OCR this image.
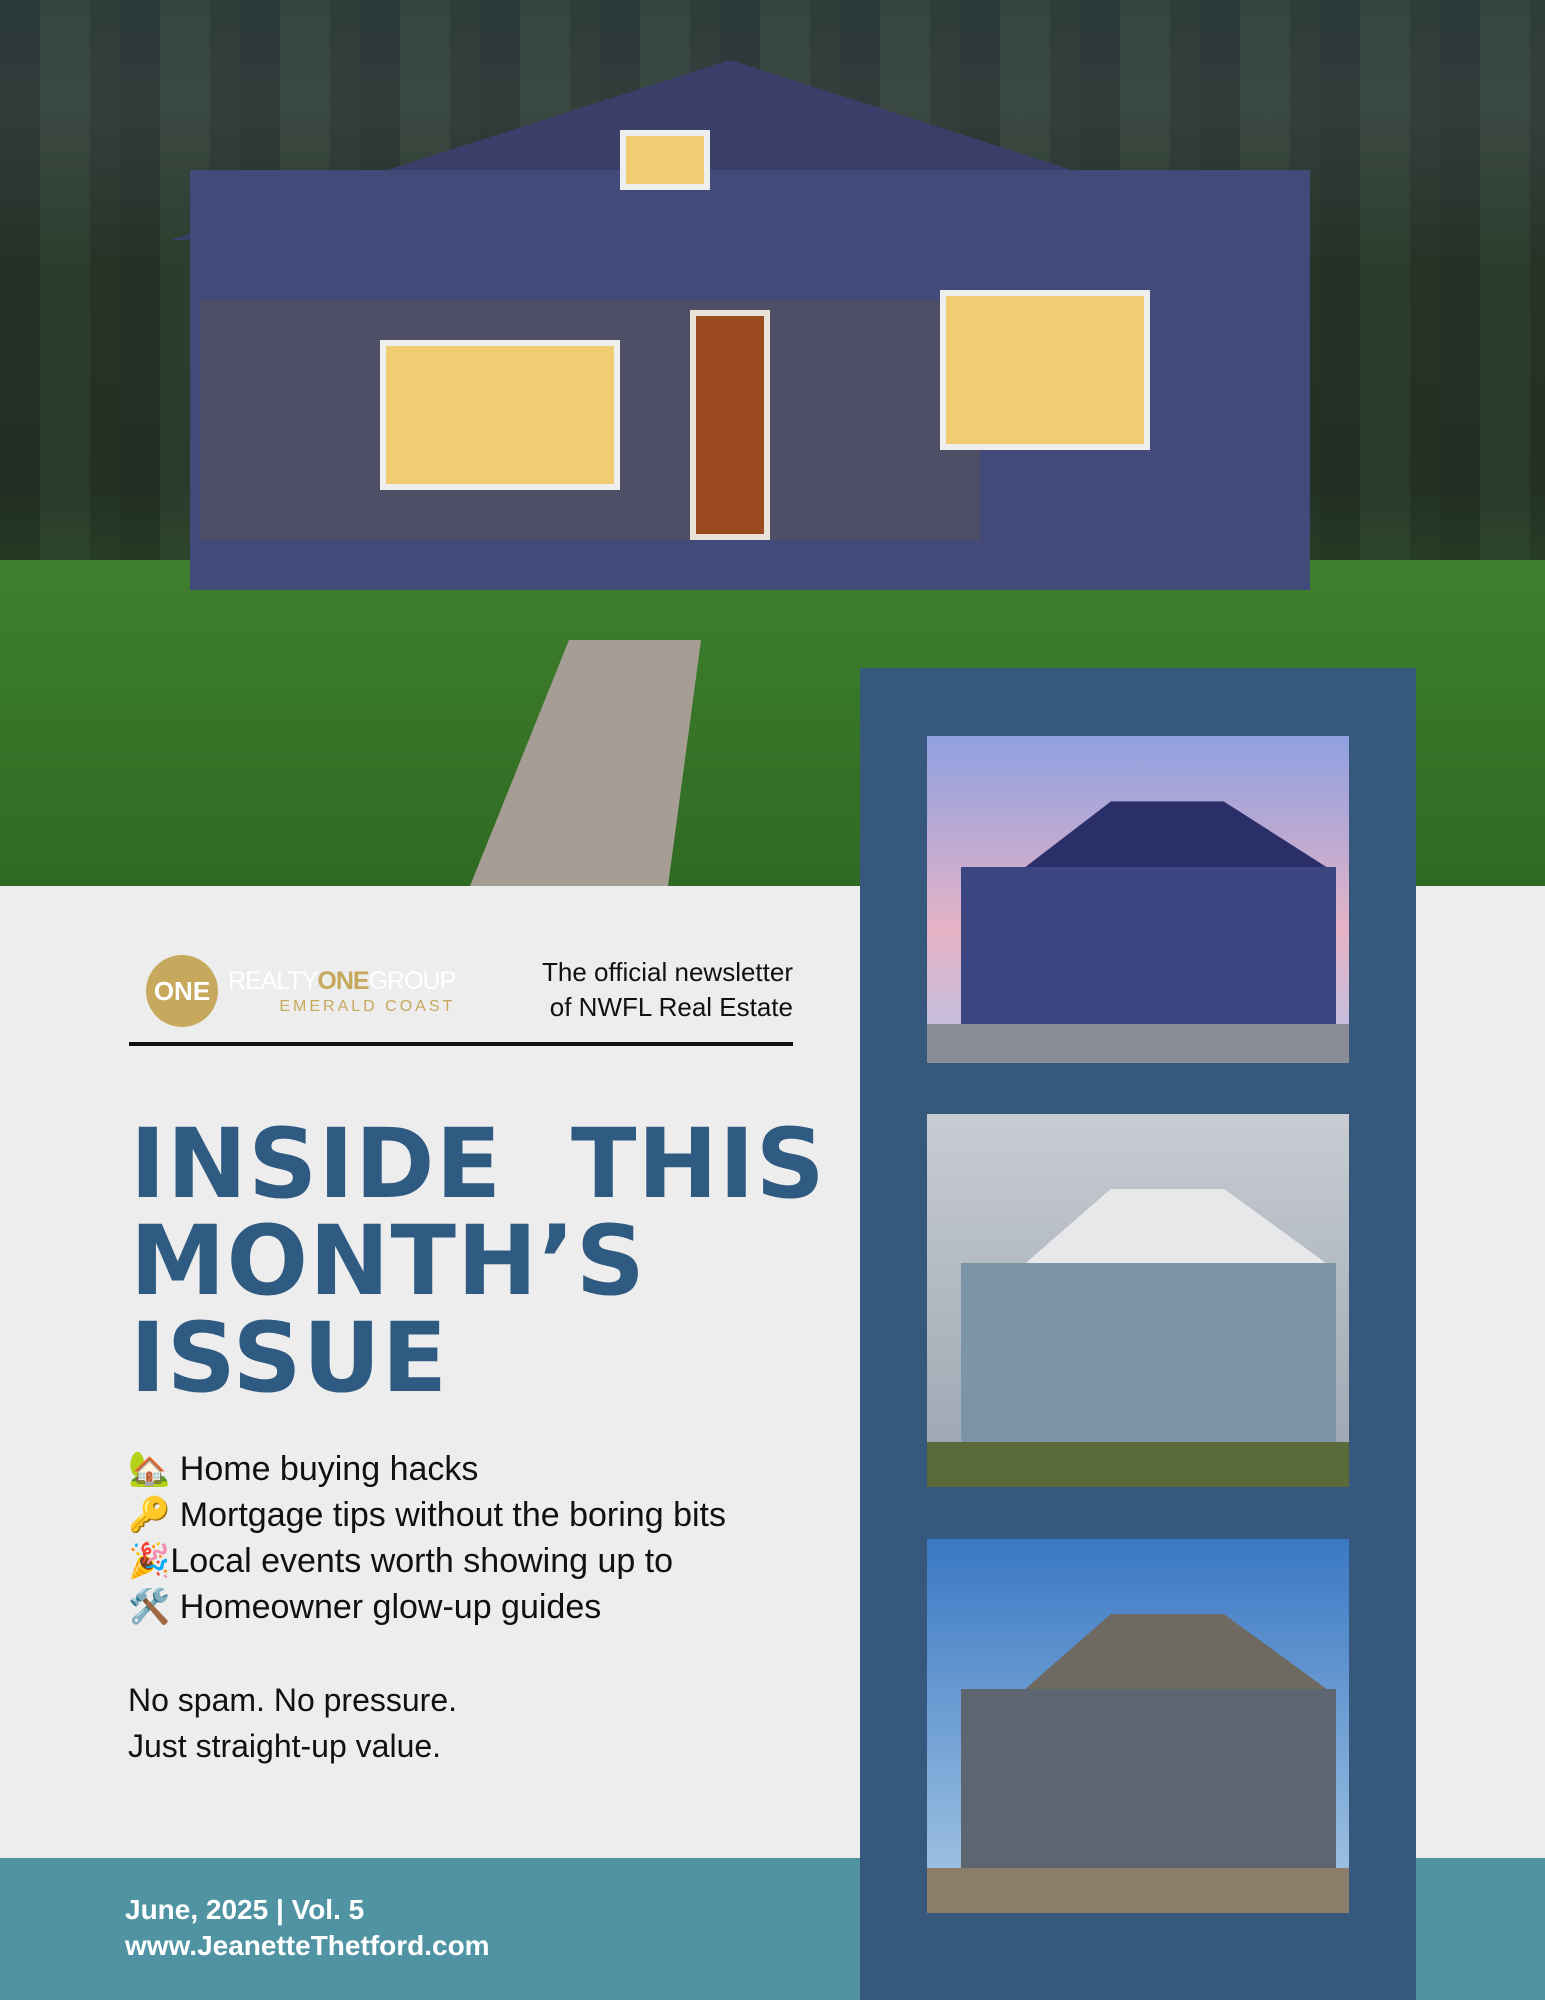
ONE REALTYONEGROUP
EMERALD COAST
The official newsletter
of NWFL Real Estate
INSIDE  THIS
MONTH’S
ISSUE
🏡 Home buying hacks
🔑 Mortgage tips without the boring bits
🎉Local events worth showing up to
🛠️ Homeowner glow-up guides
No spam. No pressure.
Just straight-up value.
June, 2025 | Vol. 5
www.JeanetteThetford.com
